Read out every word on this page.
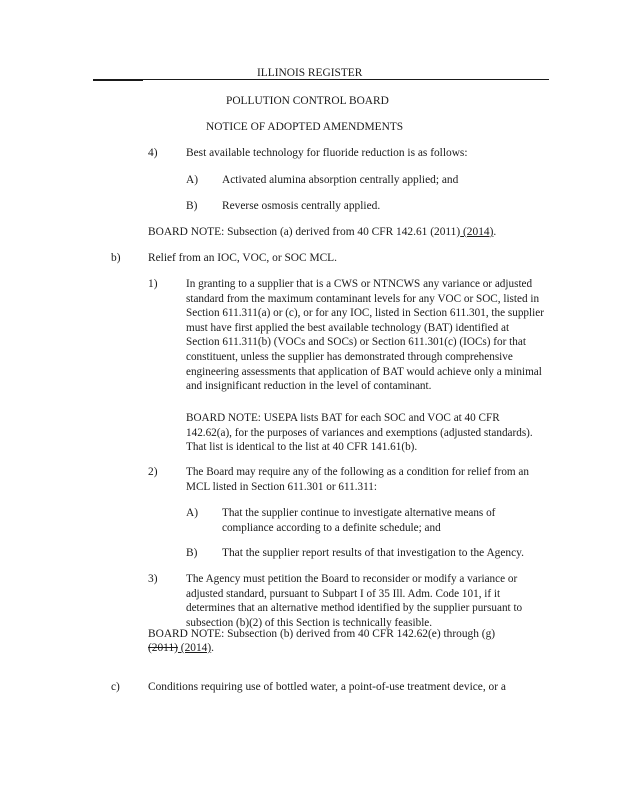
ILLINOIS REGISTER
POLLUTION CONTROL BOARD
NOTICE OF ADOPTED AMENDMENTS
4)	Best available technology for fluoride reduction is as follows:
A) Activated alumina absorption centrally applied; and
B) Reverse osmosis centrally applied.
BOARD NOTE: Subsection (a) derived from 40 CFR 142.61 (2011) (2014).
b) Relief from an IOC, VOC, or SOC MCL.
1)	In granting to a supplier that is a CWS or NTNCWS any variance or adjusted standard from the maximum contaminant levels for any VOC or SOC, listed in Section 611.311(a) or (c), or for any IOC, listed in Section 611.301, the supplier must have first applied the best available technology (BAT) identified at Section 611.311(b) (VOCs and SOCs) or Section 611.301(c) (IOCs) for that constituent, unless the supplier has demonstrated through comprehensive engineering assessments that application of BAT would achieve only a minimal and insignificant reduction in the level of contaminant.

BOARD NOTE: USEPA lists BAT for each SOC and VOC at 40 CFR 142.62(a), for the purposes of variances and exemptions (adjusted standards). That list is identical to the list at 40 CFR 141.61(b).

2)	The Board may require any of the following as a condition for relief from an MCL listed in Section 611.301 or 611.311:

A) That the supplier continue to investigate alternative means of compliance according to a definite schedule; and

B) That the supplier report results of that investigation to the Agency.
3)	The Agency must petition the Board to reconsider or modify a variance or adjusted standard, pursuant to Subpart I of 35 Ill. Adm. Code 101, if it determines that an alternative method identified by the supplier pursuant to subsection (b)(2) of this Section is technically feasible.

BOARD NOTE: Subsection (b) derived from 40 CFR 142.62(e) through (g)
(2011) (2014).
c) Conditions requiring use of bottled water, a point-of-use treatment device, or a
